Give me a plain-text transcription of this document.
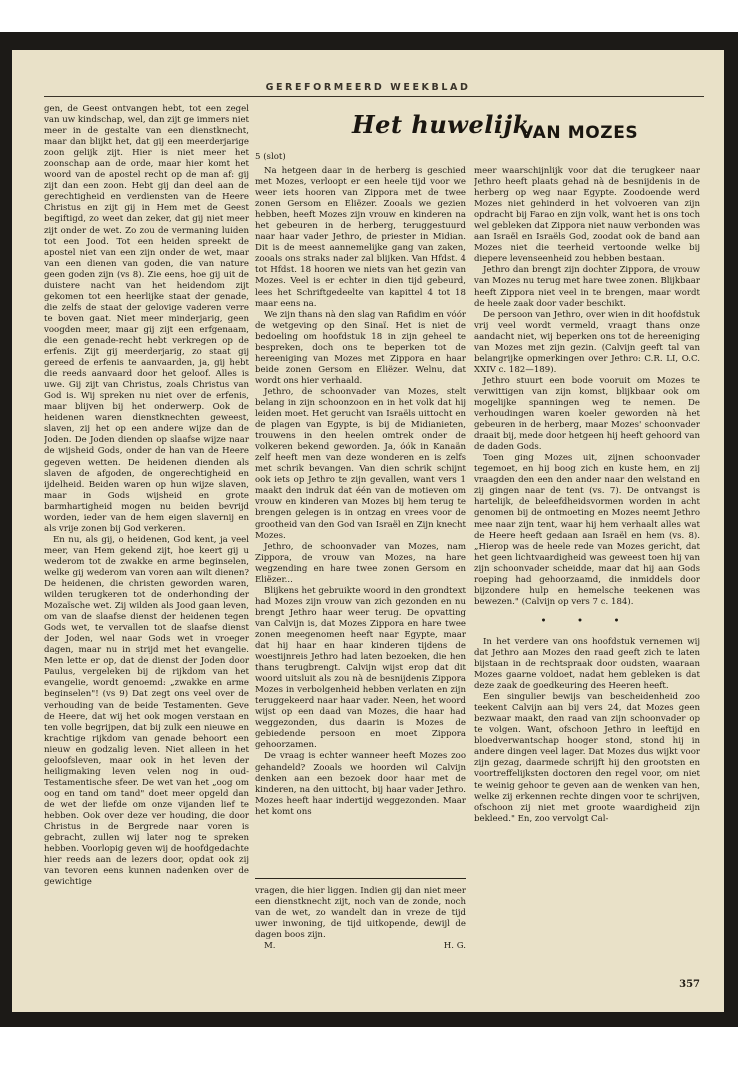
GEREFORMEERD WEEKBLAD
Het huwelijk
VAN MOZES
5 (slot)

gen, de Geest ontvangen hebt, tot een zegel van uw kindschap, wel, dan zijt ge immers niet meer in de gestalte van een dienstknecht, maar dan blijkt het, dat gij een meerderjarige zoon gelijk zijt. Hier is niet meer het zoonschap aan de orde, maar hier komt het woord van de apostel recht op de man af: gij zijt dan een zoon. Hebt gij dan deel aan de gerechtigheid en verdiensten van de Heere Christus en zijt gij in Hem met de Geest begiftigd, zo weet dan zeker, dat gij niet meer zijt onder de wet. Zo zou de vermaning luiden tot een Jood. Tot een heiden spreekt de apostel niet van een zijn onder de wet, maar van een dienen van goden, die van nature geen goden zijn (vs 8). Zie eens, hoe gij uit de duistere nacht van het heidendom zijt gekomen tot een heerlijke staat der genade, die zelfs de staat der gelovige vaderen verre te boven gaat. Niet meer minderjarig, geen voogden meer, maar gij zijt een erfgenaam, die een genade-recht hebt verkregen op de erfenis. Zijt gij meerderjarig, zo staat gij gereed de erfenis te aanvaarden, ja, gij hebt die reeds aanvaard door het geloof. Alles is uwe. Gij zijt van Christus, zoals Christus van God is. Wij spreken nu niet over de erfenis, maar blijven bij het onderwerp. Ook de heidenen waren dienstknechten geweest, slaven, zij het op een andere wijze dan de Joden. De Joden dienden op slaafse wijze naar de wijsheid Gods, onder de han van de Heere gegeven wetten. De heidenen dienden als slaven de afgoden, de ongerechtigheid en ijdelheid. Beiden waren op hun wijze slaven, maar in Gods wijsheid en grote barmhartigheid mogen nu beiden bevrijd worden, ieder van de hem eigen slavernij en als vrije zonen bij God verkeren.

En nu, als gij, o heidenen, God kent, ja veel meer, van Hem gekend zijt, hoe keert gij u wederom tot de zwakke en arme beginselen, welke gij wederom van voren aan wilt dienen? De heidenen, die christen geworden waren, wilden terugkeren tot de onderhonding der Mozaïsche wet. Zij wilden als Jood gaan leven, om van de slaafse dienst der heidenen tegen Gods wet, te vervallen tot de slaafse dienst der Joden, wel naar Gods wet in vroeger dagen, maar nu in strijd met het evangelie. Men lette er op, dat de dienst der Joden door Paulus, vergeleken bij de rijkdom van het evangelie, wordt genoemd: „zwakke en arme beginselen"! (vs 9) Dat zegt ons veel over de verhouding van de beide Testamenten. Geve de Heere, dat wij het ook mogen verstaan en ten volle begrijpen, dat bij zulk een nieuwe en krachtige rijkdom van genade behoort een nieuw en godzalig leven. Niet alleen in het geloofsleven, maar ook in het leven der heiligmaking leven velen nog in oud-Testamentische sfeer. De wet van het „oog om oog en tand om tand" doet meer opgeld dan de wet der liefde om onze vijanden lief te hebben. Ook over deze ver houding, die door Christus in de Bergrede naar voren is gebracht, zullen wij later nog te spreken hebben. Voorlopig geven wij de hoofdgedachte hier reeds aan de lezers door, opdat ook zij van tevoren eens kunnen nadenken over de gewichtige

Na hetgeen daar in de herberg is geschied met Mozes, verloopt er een heele tijd voor we weer iets hooren van Zippora met de twee zonen Gersom en Eliëzer. Zooals we gezien hebben, heeft Mozes zijn vrouw en kinderen na het gebeuren in de herberg, teruggestuurd naar haar vader Jethro, de priester in Midian. Dit is de meest aannemelijke gang van zaken, zooals ons straks nader zal blijken. Van Hfdst. 4 tot Hfdst. 18 hooren we niets van het gezin van Mozes. Veel is er echter in dien tijd gebeurd, lees het Schriftgedeelte van kapittel 4 tot 18 maar eens na.

We zijn thans nà den slag van Rafidim en vóór de wetgeving op den Sinaï. Het is niet de bedoeling om hoofdstuk 18 in zijn geheel te bespreken, doch ons te beperken tot de hereeniging van Mozes met Zippora en haar beide zonen Gersom en Eliëzer. Welnu, dat wordt ons hier verhaald.

Jethro, de schoonvader van Mozes, stelt belang in zijn schoonzoon en in het volk dat hij leiden moet. Het gerucht van Israëls uittocht en de plagen van Egypte, is bij de Midianieten, trouwens in den heelen omtrek onder de volkeren bekend geworden. Ja, óók in Kanaän zelf heeft men van deze wonderen en is zelfs met schrik bevangen. Van dien schrik schijnt ook iets op Jethro te zijn gevallen, want vers 1 maakt den indruk dat één van de motieven om vrouw en kinderen van Mozes bij hem terug te brengen gelegen is in ontzag en vrees voor de grootheid van den God van Israël en Zijn knecht Mozes.

Jethro, de schoonvader van Mozes, nam Zippora, de vrouw van Mozes, na hare wegzending en hare twee zonen Gersom en Eliëzer...

Blijkens het gebruikte woord in den grondtext had Mozes zijn vrouw van zich gezonden en nu brengt Jethro haar weer terug. De opvatting van Calvijn is, dat Mozes Zippora en hare twee zonen meegenomen heeft naar Egypte, maar dat hij haar en haar kinderen tijdens de woestijnreis Jethro had laten bezoeken, die hen thans terugbrengt. Calvijn wijst erop dat dit woord uitsluit als zou nà de besnijdenis Zippora Mozes in verbolgenheid hebben verlaten en zijn teruggekeerd naar haar vader. Neen, het woord wijst op een daad van Mozes, die haar had weggezonden, dus daarin is Mozes de gebiedende persoon en moet Zippora gehoorzamen.

De vraag is echter wanneer heeft Mozes zoo gehandeld? Zooals we hoorden wil Calvijn denken aan een bezoek door haar met de kinderen, na den uittocht, bij haar vader Jethro. Mozes heeft haar indertijd weggezonden. Maar het komt ons

vragen, die hier liggen. Indien gij dan niet meer een dienstknecht zijt, noch van de zonde, noch van de wet, zo wandelt dan in vreze de tijd uwer inwoning, de tijd uitkopende, dewijl de dagen boos zijn.

M.	H. G.

meer waarschijnlijk voor dat die terugkeer naar Jethro heeft plaats gehad nà de besnijdenis in de herberg op weg naar Egypte. Zoodoende werd Mozes niet gehinderd in het volvoeren van zijn opdracht bij Farao en zijn volk, want het is ons toch wel gebleken dat Zippora niet nauw verbonden was aan Israël en Israëls God, zoodat ook de band aan Mozes niet die teerheid vertoonde welke bij diepere levenseenheid zou hebben bestaan.

Jethro dan brengt zijn dochter Zippora, de vrouw van Mozes nu terug met hare twee zonen. Blijkbaar heeft Zippora niet veel in te brengen, maar wordt de heele zaak door vader beschikt.

De persoon van Jethro, over wien in dit hoofdstuk vrij veel wordt vermeld, vraagt thans onze aandacht niet, wij beperken ons tot de hereeniging van Mozes met zijn gezin. (Calvijn geeft tal van belangrijke opmerkingen over Jethro: C.R. LI, O.C. XXIV c. 182—189).

Jethro stuurt een bode vooruit om Mozes te verwittigen van zijn komst, blijkbaar ook om mogelijke spanningen weg te nemen. De verhoudingen waren koeler geworden nà het gebeuren in de herberg, maar Mozes' schoonvader draait bij, mede door hetgeen hij heeft gehoord van de daden Gods.

Toen ging Mozes uit, zijnen schoonvader tegemoet, en hij boog zich en kuste hem, en zij vraagden den een den ander naar den welstand en zij gingen naar de tent (vs. 7). De ontvangst is hartelijk, de beleefdheidsvormen worden in acht genomen bij de ontmoeting en Mozes neemt Jethro mee naar zijn tent, waar hij hem verhaalt alles wat de Heere heeft gedaan aan Israël en hem (vs. 8). „Hierop was de heele rede van Mozes gericht, dat het geen lichtvaardigheid was geweest toen hij van zijn schoonvader scheidde, maar dat hij aan Gods roeping had gehoorzaamd, die inmiddels door bijzondere hulp en hemelsche teekenen was bewezen." (Calvijn op vers 7 c. 184).

• • •

In het verdere van ons hoofdstuk vernemen wij dat Jethro aan Mozes den raad geeft zich te laten bijstaan in de rechtspraak door oudsten, waaraan Mozes gaarne voldoet, nadat hem gebleken is dat deze zaak de goedkeuring des Heeren heeft.

Een singulier bewijs van bescheidenheid zoo teekent Calvijn aan bij vers 24, dat Mozes geen bezwaar maakt, den raad van zijn schoonvader op te volgen. Want, ofschoon Jethro in leeftijd en bloedverwantschap hooger stond, stond hij in andere dingen veel lager. Dat Mozes dus wijkt voor zijn gezag, daarmede schrijft hij den grootsten en voortreffelijksten doctoren den regel voor, om niet te weinig gehoor te geven aan de wenken van hen, welke zij erkennen rechte dingen voor te schrijven, ofschoon zij niet met groote waardigheid zijn bekleed." En, zoo vervolgt Cal-

357
